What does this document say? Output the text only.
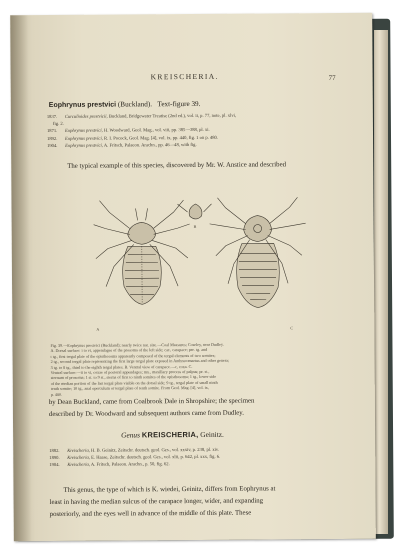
KREISCHERIA.	77
Eophrynus prestvici (Buckland). Text-figure 39.
1837. Curculioides prestvicii, Buckland, Bridgewater Treatise (2nd ed.), vol. ii, p. 77, note, pl. xlvi,
fig. 2.
1871. Eophrynus prestvici, H. Woodward, Geol. Mag., vol. viii, pp. 385—388, pl. xi.
1892. Eophrynus prestvici, R. I. Pocock, Geol. Mag. [4], vol. ix, pp. 440, fig. 1 on p. 480.
1904. Eophrynus prestvici, A. Fritsch, Palaeon. Arachn., pp. 46—48, with fig.
The typical example of this species, discovered by Mr. W. Anstice and described
A
B
C

Fig. 39.—Eophrynus prestvici (Buckland); nearly twice nat. size.—Coal Measures; Coseley, near Dudley.

A. Dorsal surface: i to vi, appendages of the prosoma of the left side; car., carapace; pre. tg. and

t tg., first tergal plate of the opisthosoma apparently composed of the tergal elements of two somites;

2 tg., second tergal plate representing the first large tergal plate exposed in Anthracomartus and other genera;

3 tg. to 8 tg., third to the eighth tergal plates. B. Ventral view of carapace.—c, coxa. C.

Ventral surface:—ii to vi, coxae of postoral appendages; mx., maxillary process of palpus; pr. st.,

sternum of prosoma; 1 st. to 9 st., sterna of first to ninth somites of the opisthosoma; 1 tg., lower side

of the median portion of the last tergal plate visible on the dorsal side; 9 tg., tergal plate of small ninth

tenth somite; 10 tg., anal operculum or tergal plate of tenth somite. From Geol. Mag. [4], vol. ix,

p. 480.

by Dean Buckland, came from Coalbrook Dale in Shropshire; the specimen
described by Dr. Woodward and subsequent authors came from Dudley.
Genus KREISCHERIA, Geinitz.
1882. Kreischeria, H. B. Geinitz, Zeitschr. deutsch. geol. Ges., vol. xxxiv, p. 238, pl. xiv.
1890. Kreischeria, E. Haase, Zeitschr. deutsch. geol. Ges., vol. xlii, p. 642, pl. xxx, fig. 6.
1904. Kreischeria, A. Fritsch, Palaeon. Arachn., p. 50, fig. 62.
This genus, the type of which is K. wiedei, Geinitz, differs from Eophrynus at
least in having the median sulcus of the carapace longer, wider, and expanding
posteriorly, and the eyes well in advance of the middle of this plate. These
